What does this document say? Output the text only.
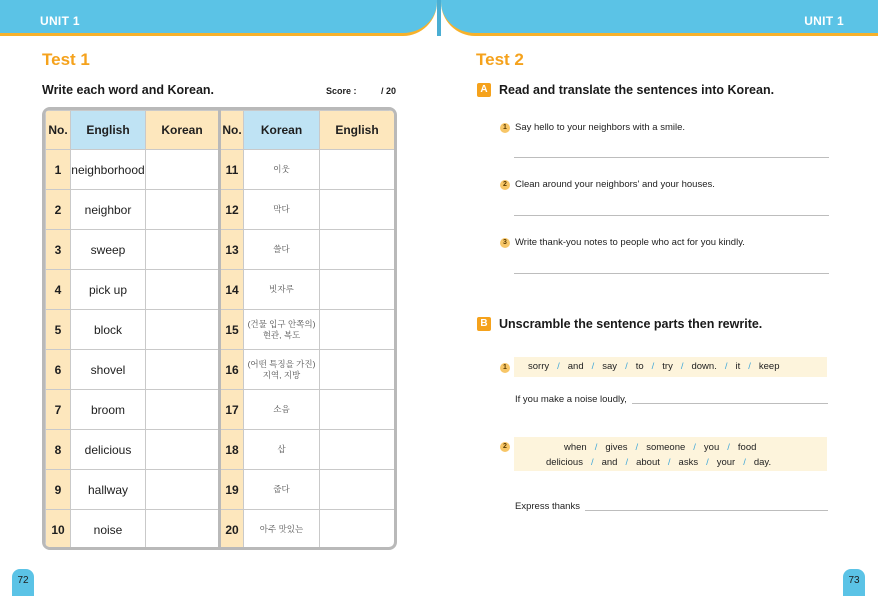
UNIT 1	UNIT 1
Test 1
Write each word and Korean.	Score :	/ 20
No.	English	Korean	No.	Korean	English
1	neighborhood		11	이웃	
2	neighbor		12	막다	
3	sweep		13	쓸다	
4	pick up		14	빗자루	
5	block		15	(건물 입구 안쪽의)
현관, 복도	
6	shovel		16	(어떤 특징을 가진)
지역, 지방	
7	broom		17	소음	
8	delicious		18	삽	
9	hallway		19	줍다	
10	noise		20	아주 맛있는	
72
Test 2
A Read and translate the sentences into Korean.
1 Say hello to your neighbors with a smile.
2 Clean around your neighbors' and your houses.
3 Write thank-you notes to people who act for you kindly.
B Unscramble the sentence parts then rewrite.
1	sorry / and / say / to / try / down. / it / keep
If you make a noise loudly,
2	when / gives / someone / you / food
delicious / and / about / asks / your / day.
Express thanks
73
